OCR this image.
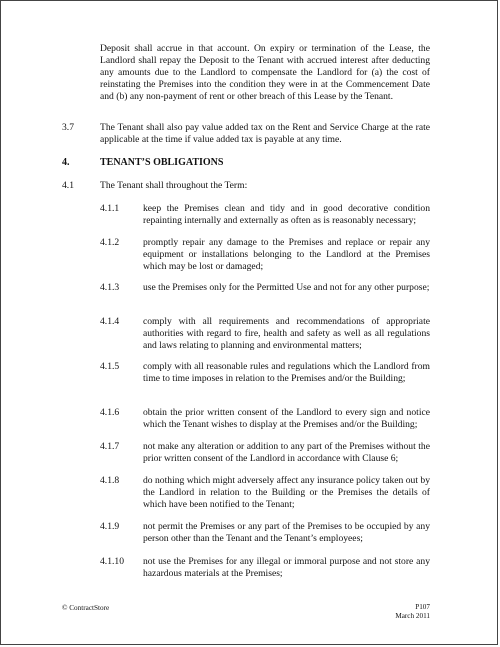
Deposit shall accrue in that account. On expiry or termination of the Lease, the Landlord shall repay the Deposit to the Tenant with accrued interest after deducting any amounts due to the Landlord to compensate the Landlord for (a) the cost of reinstating the Premises into the condition they were in at the Commencement Date and (b) any non-payment of rent or other breach of this Lease by the Tenant.

3.7	The Tenant shall also pay value added tax on the Rent and Service Charge at the rate applicable at the time if value added tax is payable at any time.

4.	TENANT’S OBLIGATIONS
4.1	The Tenant shall throughout the Term:

4.1.1 keep the Premises clean and tidy and in good decorative condition repainting internally and externally as often as is reasonably necessary;

4.1.2 promptly repair any damage to the Premises and replace or repair any equipment or installations belonging to the Landlord at the Premises which may be lost or damaged;

4.1.3 use the Premises only for the Permitted Use and not for any other purpose;

4.1.4 comply with all requirements and recommendations of appropriate authorities with regard to fire, health and safety as well as all regulations and laws relating to planning and environmental matters;

4.1.5 comply with all reasonable rules and regulations which the Landlord from time to time imposes in relation to the Premises and/or the Building;

4.1.6 obtain the prior written consent of the Landlord to every sign and notice which the Tenant wishes to display at the Premises and/or the Building;

4.1.7 not make any alteration or addition to any part of the Premises without the prior written consent of the Landlord in accordance with Clause 6;

4.1.8 do nothing which might adversely affect any insurance policy taken out by the Landlord in relation to the Building or the Premises the details of which have been notified to the Tenant;

4.1.9 not permit the Premises or any part of the Premises to be occupied by any person other than the Tenant and the Tenant’s employees;

4.1.10 not use the Premises for any illegal or immoral purpose and not store any hazardous materials at the Premises;

© ContractStore	P107
March 2011
